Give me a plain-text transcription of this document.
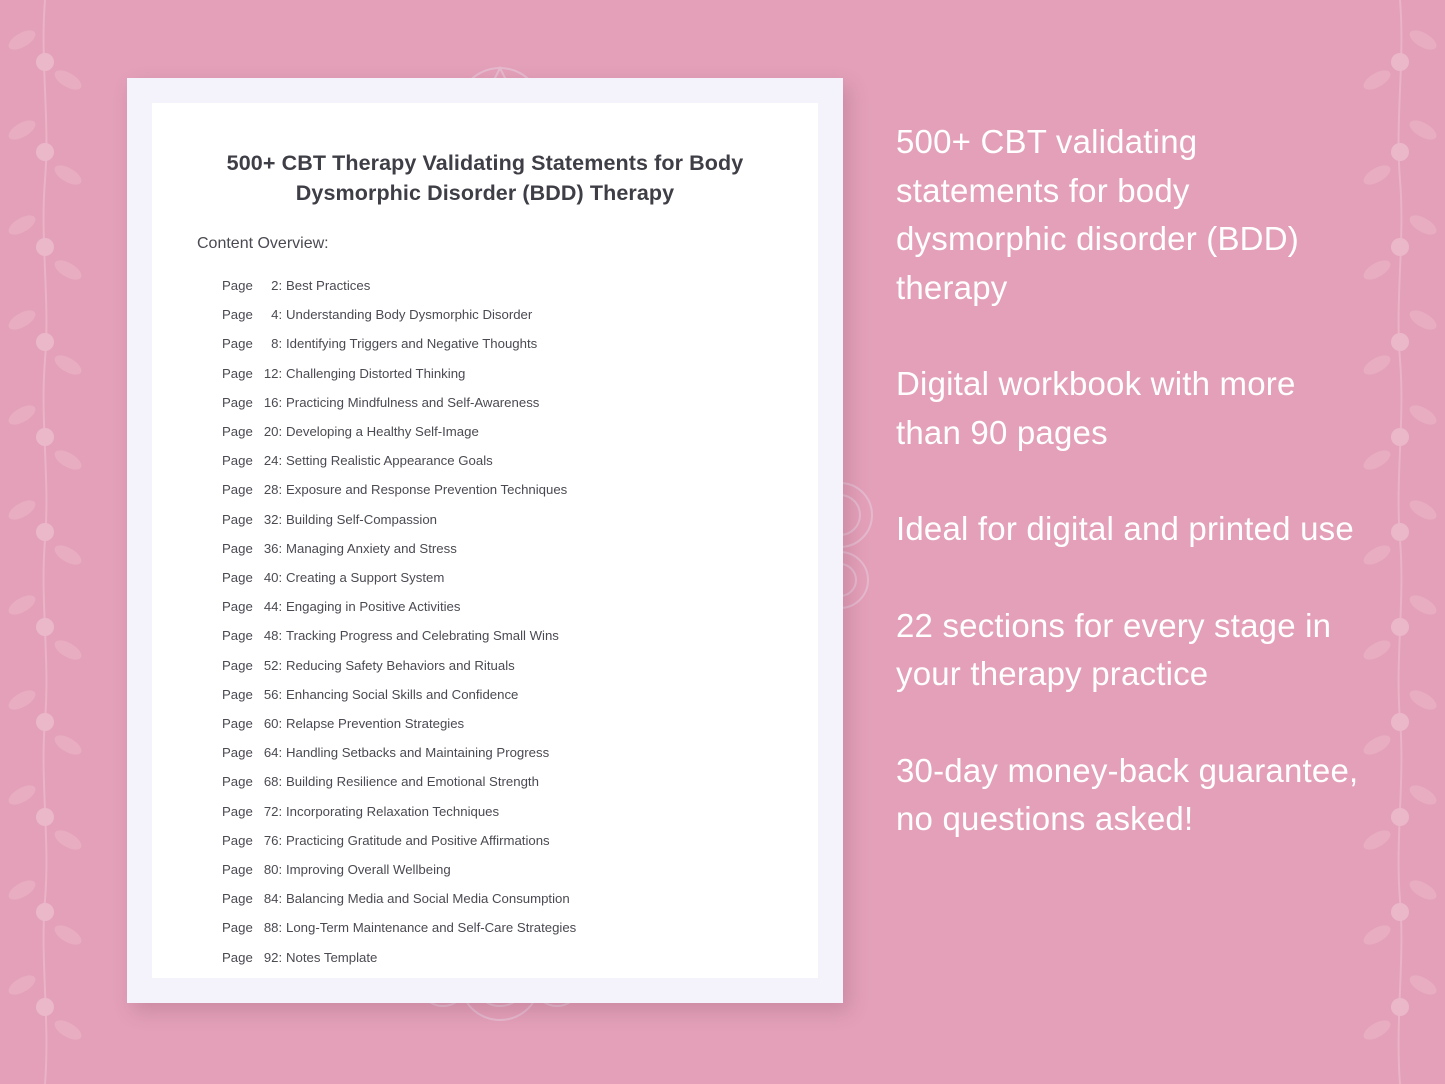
500+ CBT Therapy Validating Statements for Body Dysmorphic Disorder (BDD) Therapy
Content Overview:
Page 2: Best Practices
Page 4: Understanding Body Dysmorphic Disorder
Page 8: Identifying Triggers and Negative Thoughts
Page 12: Challenging Distorted Thinking
Page 16: Practicing Mindfulness and Self-Awareness
Page 20: Developing a Healthy Self-Image
Page 24: Setting Realistic Appearance Goals
Page 28: Exposure and Response Prevention Techniques
Page 32: Building Self-Compassion
Page 36: Managing Anxiety and Stress
Page 40: Creating a Support System
Page 44: Engaging in Positive Activities
Page 48: Tracking Progress and Celebrating Small Wins
Page 52: Reducing Safety Behaviors and Rituals
Page 56: Enhancing Social Skills and Confidence
Page 60: Relapse Prevention Strategies
Page 64: Handling Setbacks and Maintaining Progress
Page 68: Building Resilience and Emotional Strength
Page 72: Incorporating Relaxation Techniques
Page 76: Practicing Gratitude and Positive Affirmations
Page 80: Improving Overall Wellbeing
Page 84: Balancing Media and Social Media Consumption
Page 88: Long-Term Maintenance and Self-Care Strategies
Page 92: Notes Template

500+ CBT validating statements for body dysmorphic disorder (BDD) therapy

Digital workbook with more than 90 pages

Ideal for digital and printed use

22 sections for every stage in your therapy practice

30-day money-back guarantee, no questions asked!
